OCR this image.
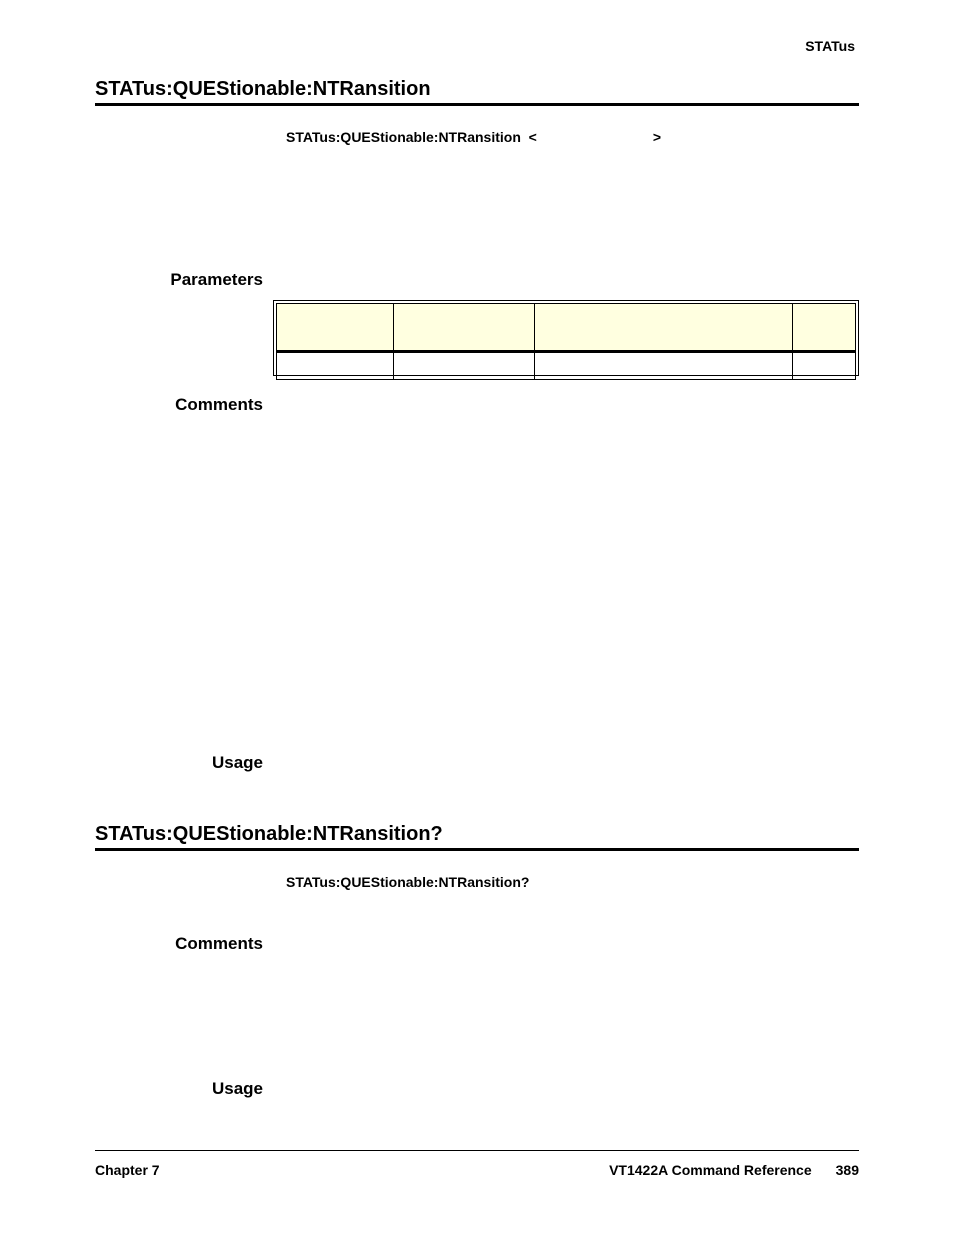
STATus
STATus:QUEStionable:NTRansition
STATus:QUEStionable:NTRansition <	>
Parameters

Comments
Usage
STATus:QUEStionable:NTRansition?
STATus:QUEStionable:NTRansition?
Comments
Usage
Chapter 7	VT1422A Command Reference 389
